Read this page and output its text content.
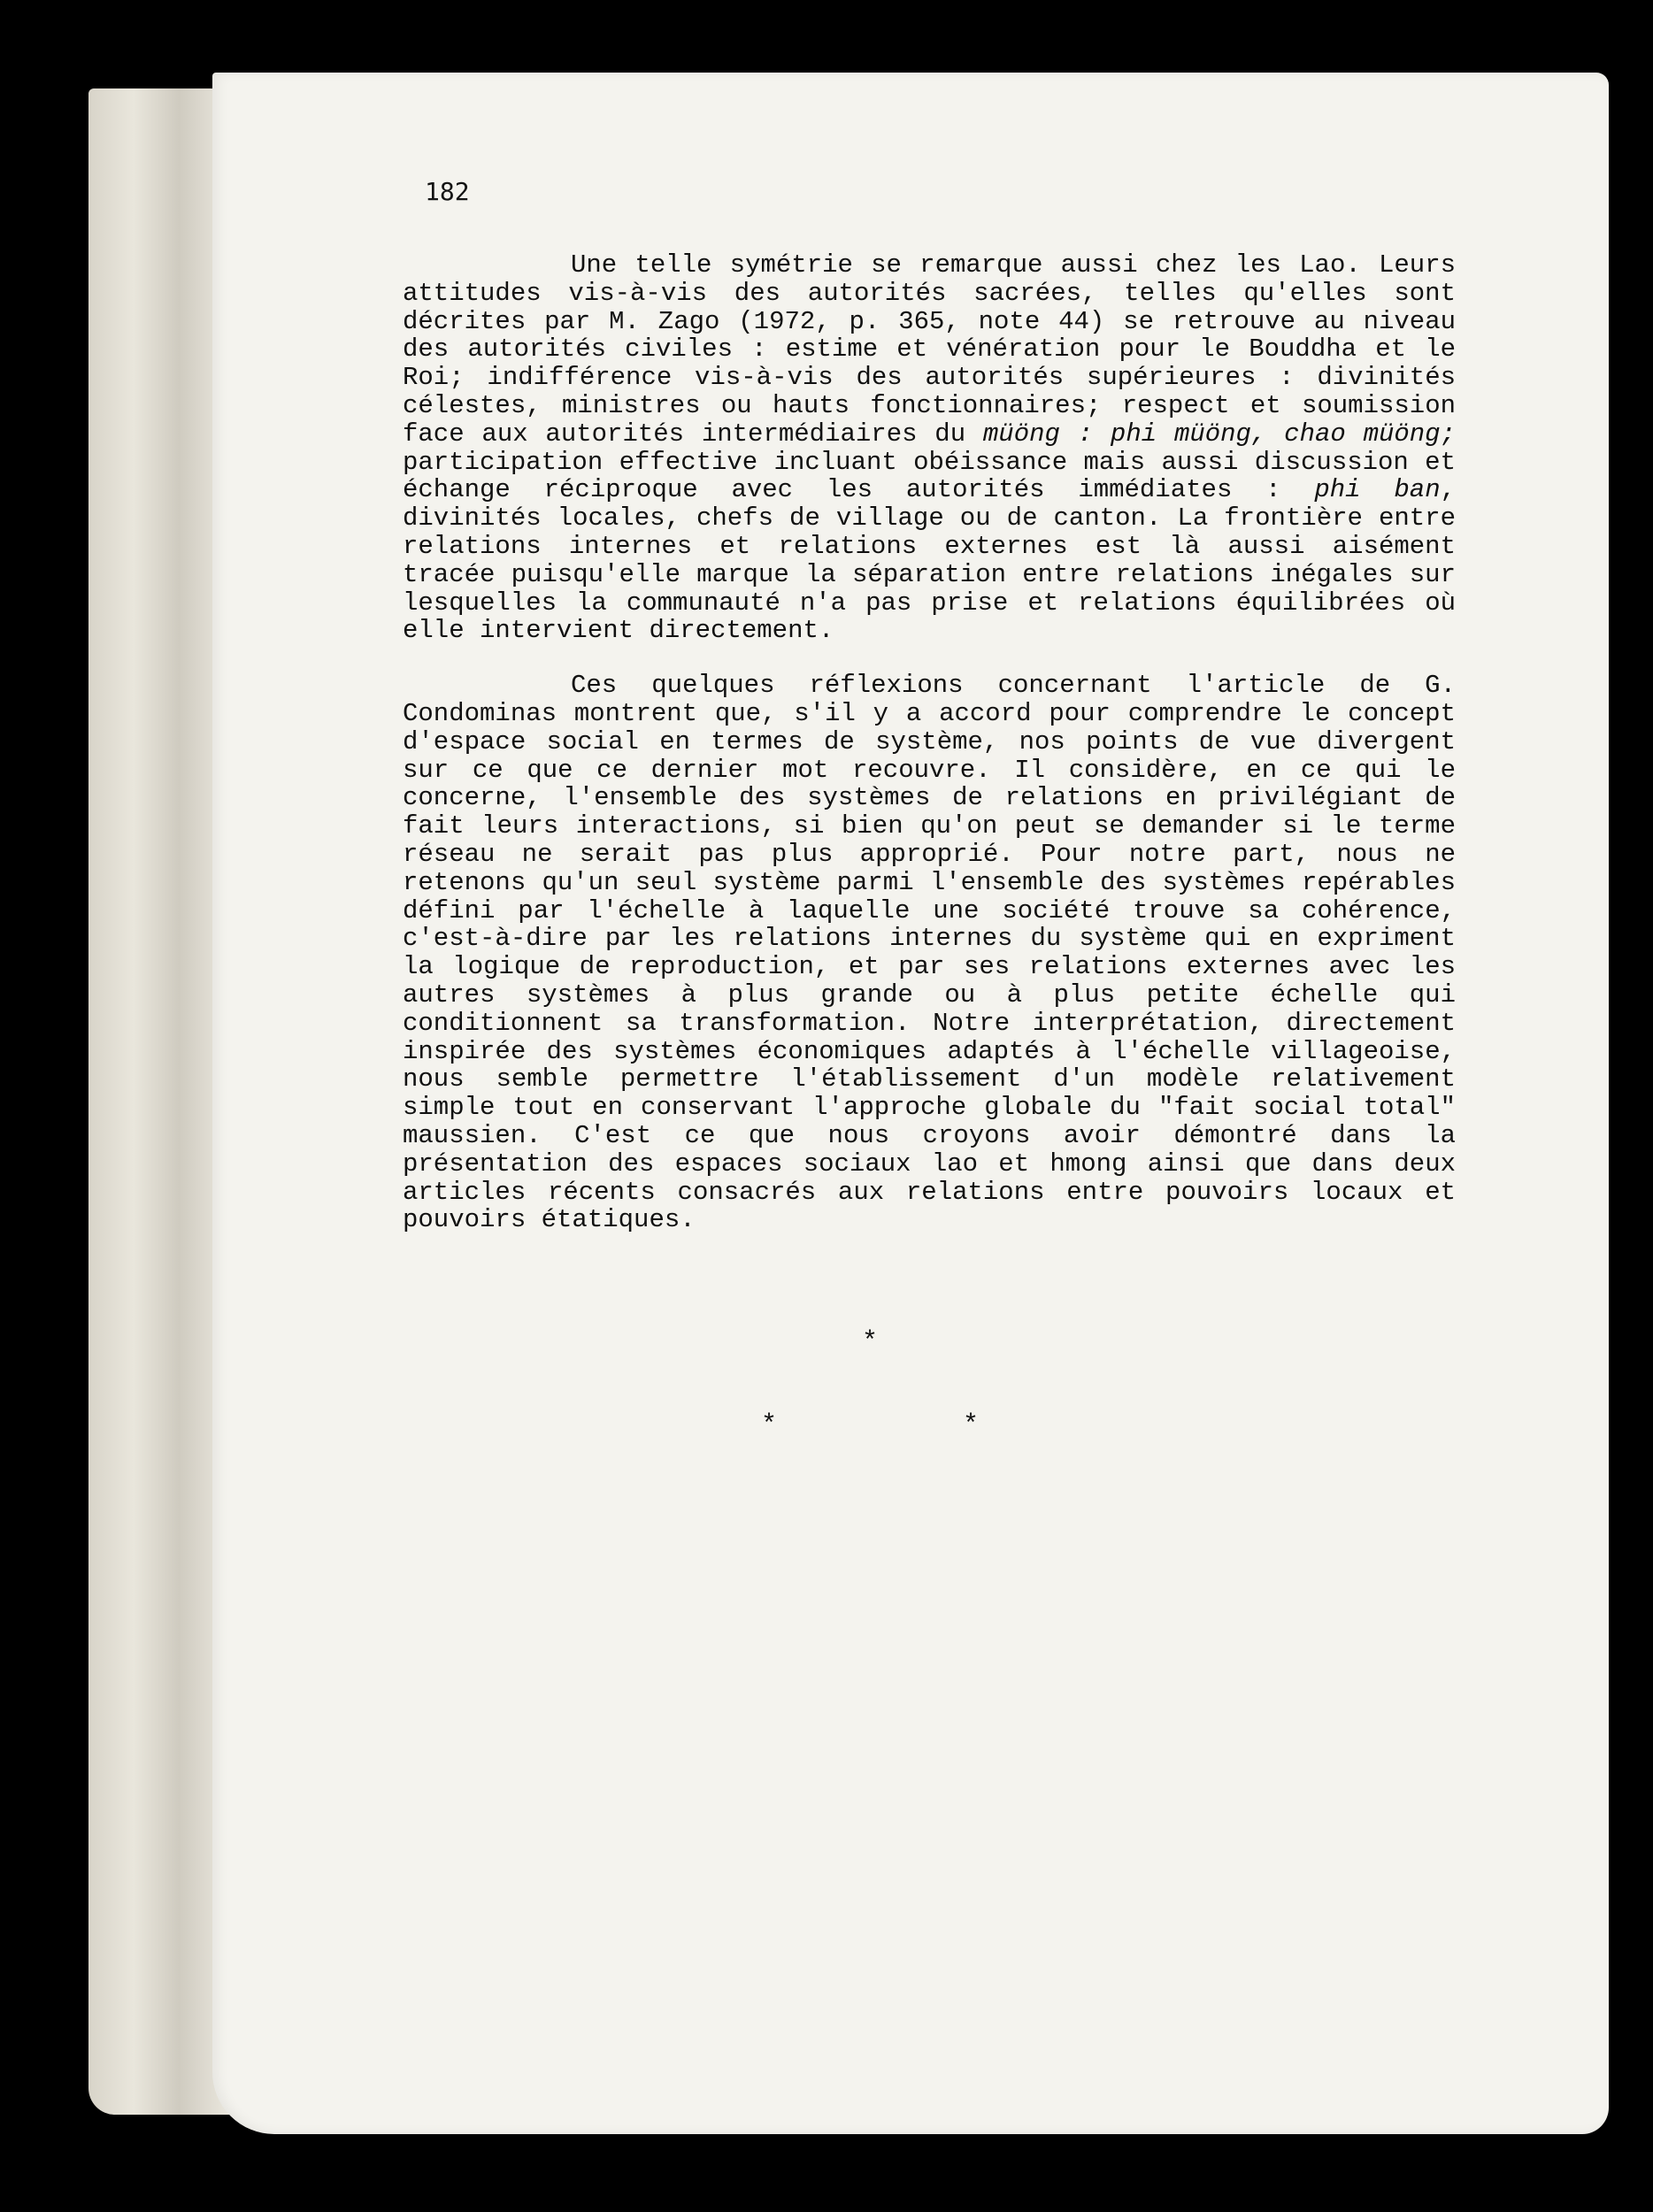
182

Une telle symétrie se remarque aussi chez les Lao. Leurs attitudes vis-à-vis des autorités sacrées, telles qu'elles sont décrites par M. Zago (1972, p. 365, note 44) se retrouve au niveau des autorités civiles : estime et vénération pour le Bouddha et le Roi; indifférence vis-à-vis des autorités supérieures : divinités célestes, ministres ou hauts fonctionnaires; respect et soumission face aux autorités intermédiaires du müöng : phi müöng, chao müöng; participation effective incluant obéissance mais aussi discussion et échange réciproque avec les autorités immédiates : phi ban, divinités locales, chefs de village ou de canton. La frontière entre relations internes et relations externes est là aussi aisément tracée puisqu'elle marque la séparation entre relations inégales sur lesquelles la communauté n'a pas prise et relations équilibrées où elle intervient directement.

Ces quelques réflexions concernant l'article de G. Condominas montrent que, s'il y a accord pour comprendre le concept d'espace social en termes de système, nos points de vue divergent sur ce que ce dernier mot recouvre. Il considère, en ce qui le concerne, l'ensemble des systèmes de relations en privilégiant de fait leurs interactions, si bien qu'on peut se demander si le terme réseau ne serait pas plus approprié. Pour notre part, nous ne retenons qu'un seul système parmi l'ensemble des systèmes repérables défini par l'échelle à laquelle une société trouve sa cohérence, c'est-à-dire par les relations internes du système qui en expriment la logique de reproduction, et par ses relations externes avec les autres systèmes à plus grande ou à plus petite échelle qui conditionnent sa transformation. Notre interprétation, directement inspirée des systèmes économiques adaptés à l'échelle villageoise, nous semble permettre l'établissement d'un modèle relativement simple tout en conservant l'approche globale du "fait social total" maussien. C'est ce que nous croyons avoir démontré dans la présentation des espaces sociaux lao et hmong ainsi que dans deux articles récents consacrés aux relations entre pouvoirs locaux et pouvoirs étatiques.

*
*	*
